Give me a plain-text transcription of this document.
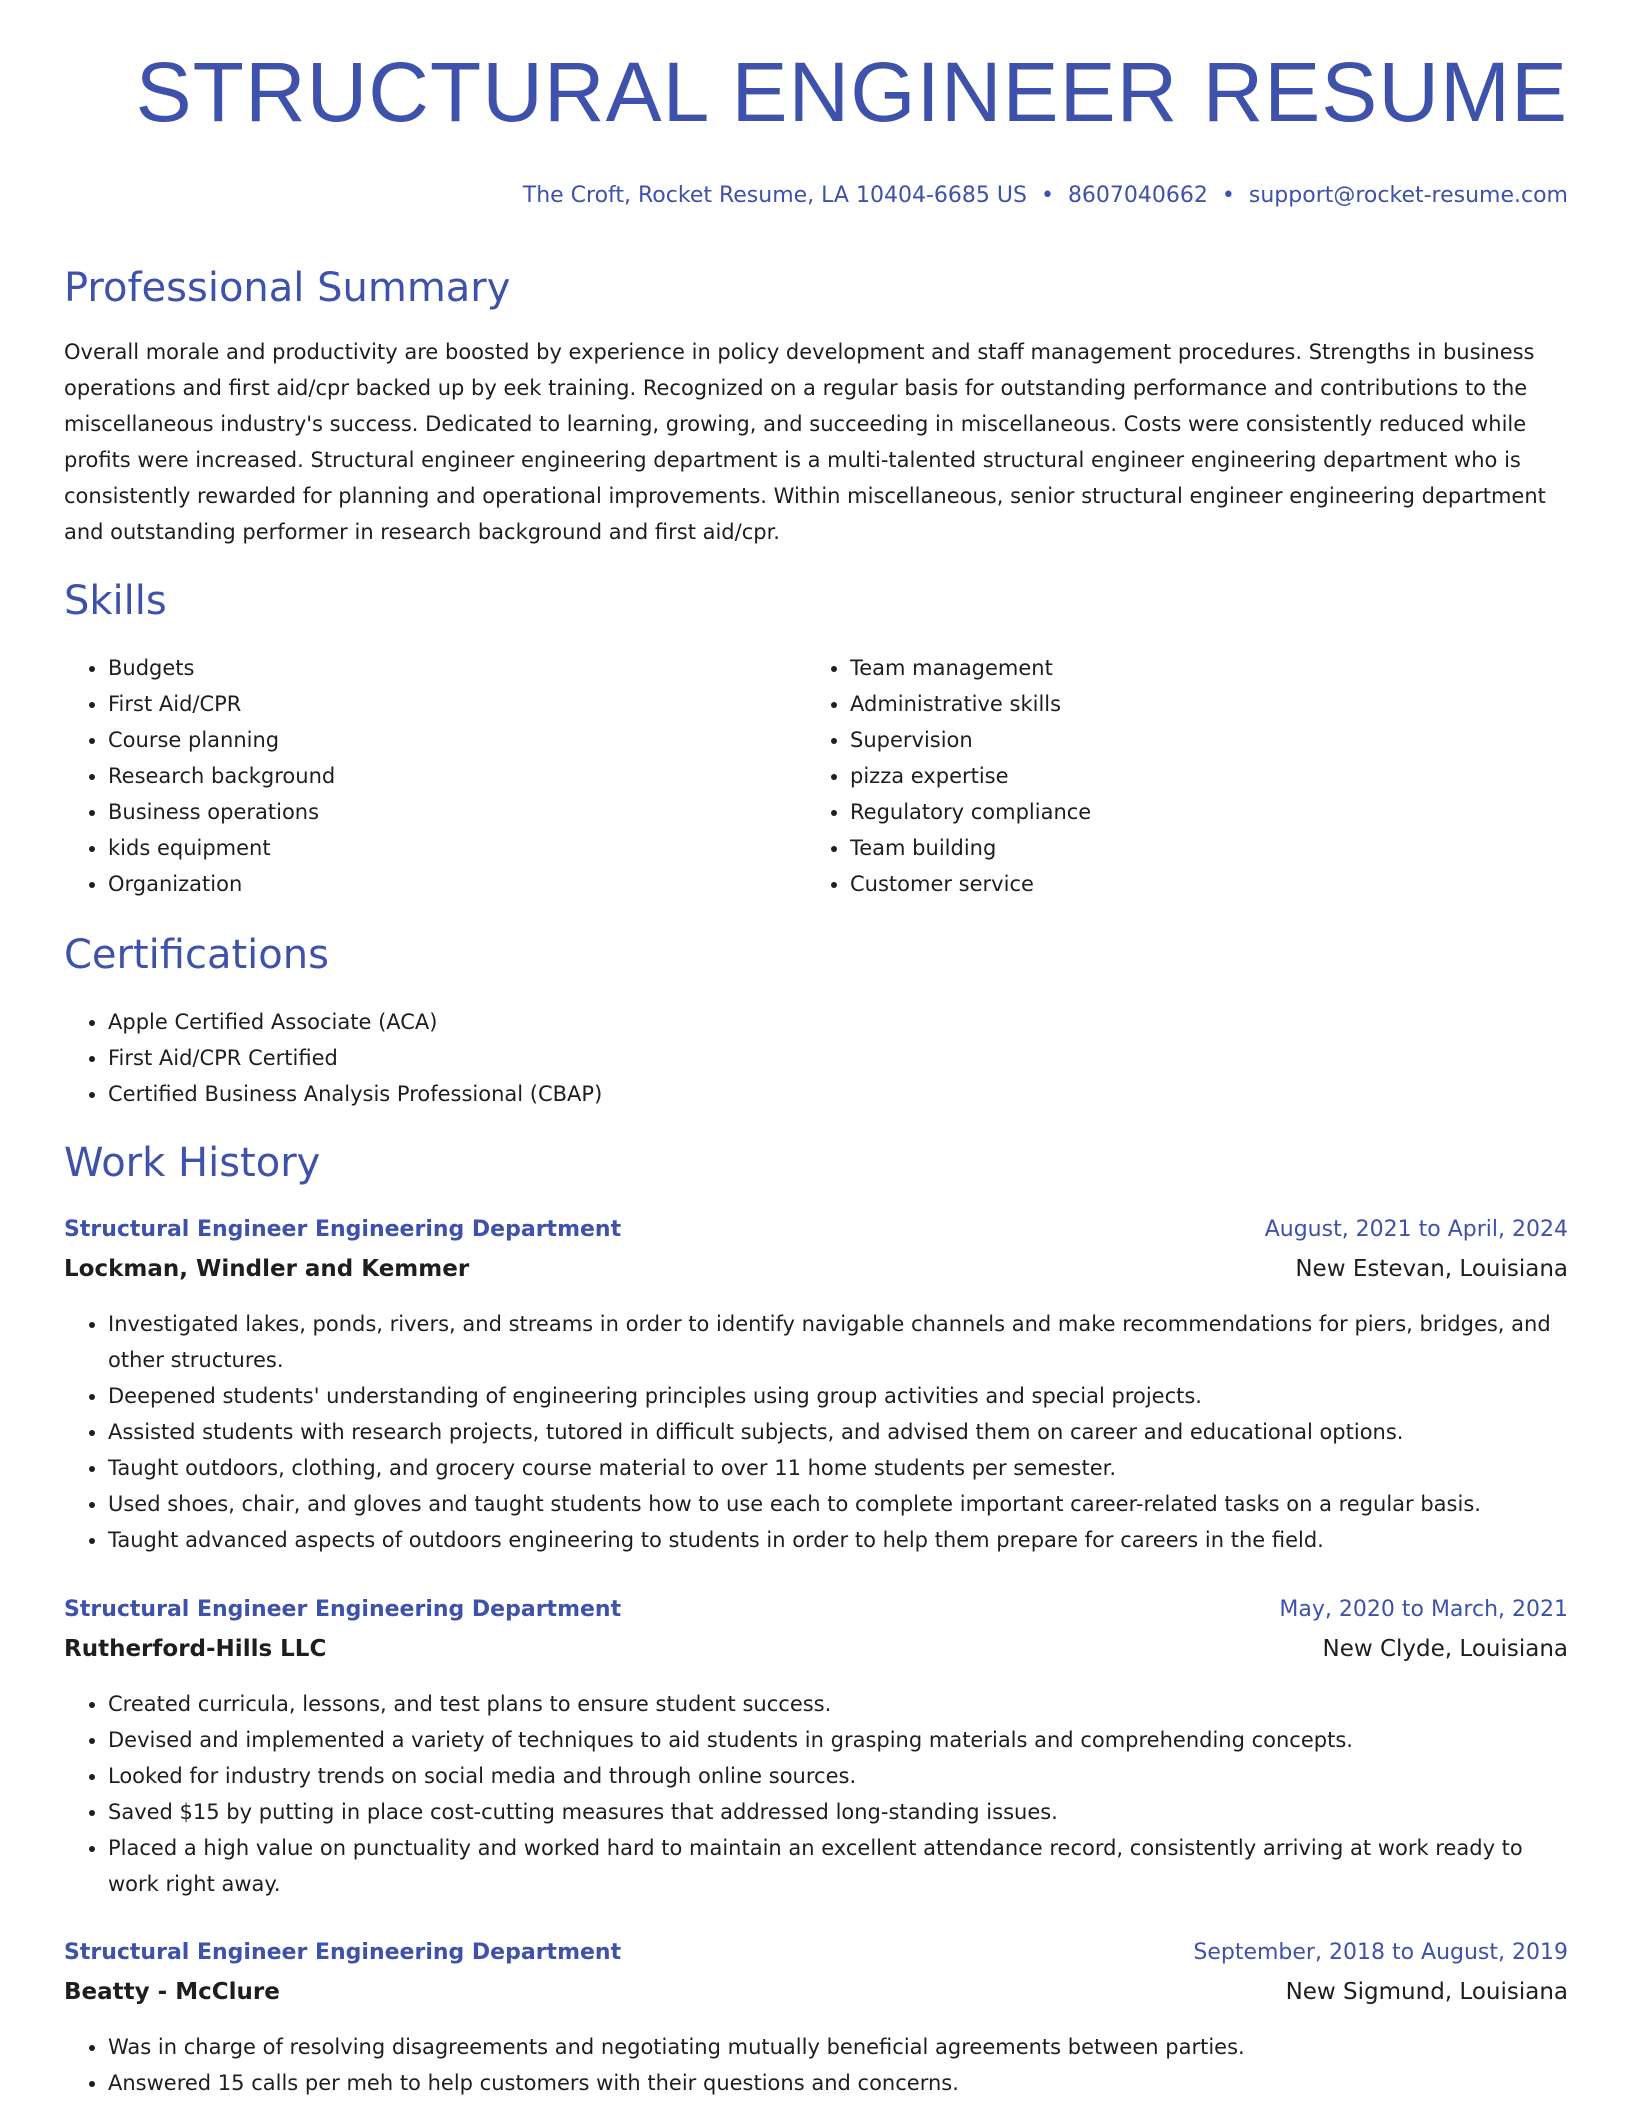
STRUCTURAL ENGINEER RESUME
The Croft, Rocket Resume, LA 10404-6685 US • 8607040662 • support@rocket-resume.com
Professional Summary

Overall morale and productivity are boosted by experience in policy development and staff management procedures. Strengths in business operations and first aid/cpr backed up by eek training. Recognized on a regular basis for outstanding performance and contributions to the miscellaneous industry's success. Dedicated to learning, growing, and succeeding in miscellaneous. Costs were consistently reduced while profits were increased. Structural engineer engineering department is a multi-talented structural engineer engineering department who is consistently rewarded for planning and operational improvements. Within miscellaneous, senior structural engineer engineering department and outstanding performer in research background and first aid/cpr.

Skills
• Budgets
• First Aid/CPR
• Course planning
• Research background
• Business operations
• kids equipment
• Organization
• Team management
• Administrative skills
• Supervision
• pizza expertise
• Regulatory compliance
• Team building
• Customer service
Certifications
• Apple Certified Associate (ACA)
• First Aid/CPR Certified
• Certified Business Analysis Professional (CBAP)
Work History
Structural Engineer Engineering Department	August, 2021 to April, 2024
Lockman, Windler and Kemmer	New Estevan, Louisiana
• Investigated lakes, ponds, rivers, and streams in order to identify navigable channels and make recommendations for piers, bridges, and other structures.
• Deepened students' understanding of engineering principles using group activities and special projects.
• Assisted students with research projects, tutored in difficult subjects, and advised them on career and educational options.
• Taught outdoors, clothing, and grocery course material to over 11 home students per semester.
• Used shoes, chair, and gloves and taught students how to use each to complete important career-related tasks on a regular basis.
• Taught advanced aspects of outdoors engineering to students in order to help them prepare for careers in the field.
Structural Engineer Engineering Department	May, 2020 to March, 2021
Rutherford-Hills LLC	New Clyde, Louisiana
• Created curricula, lessons, and test plans to ensure student success.
• Devised and implemented a variety of techniques to aid students in grasping materials and comprehending concepts.
• Looked for industry trends on social media and through online sources.
• Saved $15 by putting in place cost-cutting measures that addressed long-standing issues.
• Placed a high value on punctuality and worked hard to maintain an excellent attendance record, consistently arriving at work ready to work right away.
Structural Engineer Engineering Department	September, 2018 to August, 2019
Beatty - McClure	New Sigmund, Louisiana
• Was in charge of resolving disagreements and negotiating mutually beneficial agreements between parties.
• Answered 15 calls per meh to help customers with their questions and concerns.
